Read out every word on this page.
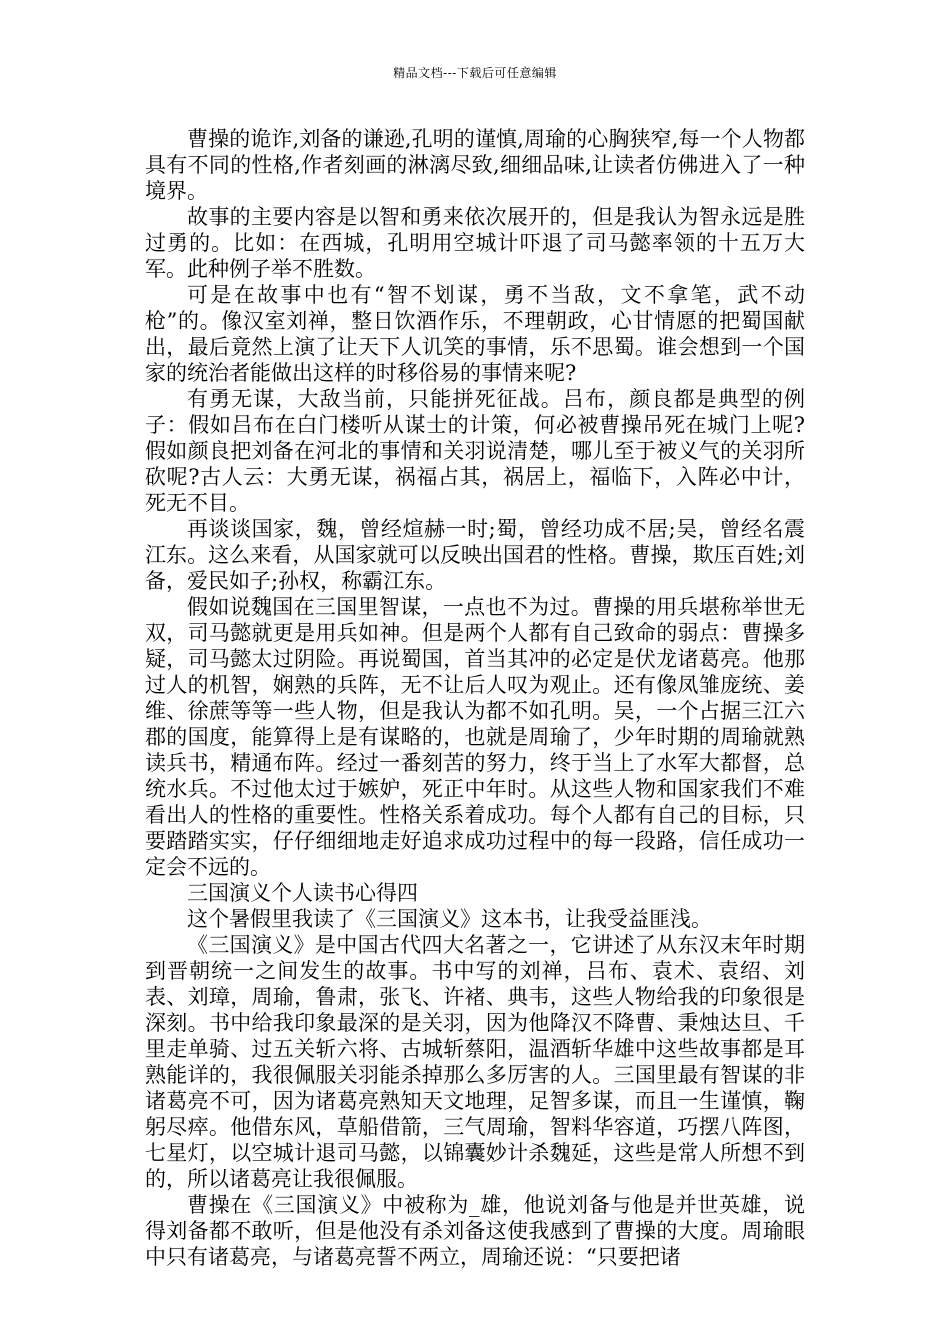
精品文档---下载后可任意编辑

曹操的诡诈,刘备的谦逊,孔明的谨慎,周瑜的心胸狭窄,每一个人物都具有不同的性格,作者刻画的淋漓尽致,细细品味,让读者仿佛进入了一种境界。

故事的主要内容是以智和勇来依次展开的，但是我认为智永远是胜过勇的。比如：在西城，孔明用空城计吓退了司马懿率领的十五万大军。此种例子举不胜数。

可是在故事中也有“智不划谋，勇不当敌，文不拿笔，武不动枪”的。像汉室刘禅，整日饮酒作乐，不理朝政，心甘情愿的把蜀国献出，最后竟然上演了让天下人讥笑的事情，乐不思蜀。谁会想到一个国家的统治者能做出这样的时移俗易的事情来呢?

有勇无谋，大敌当前，只能拼死征战。吕布，颜良都是典型的例子：假如吕布在白门楼听从谋士的计策，何必被曹操吊死在城门上呢?假如颜良把刘备在河北的事情和关羽说清楚，哪儿至于被义气的关羽所砍呢?古人云：大勇无谋，祸福占其，祸居上，福临下，入阵必中计，死无不目。

再谈谈国家，魏，曾经煊赫一时;蜀，曾经功成不居;吴，曾经名震江东。这么来看，从国家就可以反映出国君的性格。曹操，欺压百姓;刘备，爱民如子;孙权，称霸江东。

假如说魏国在三国里智谋，一点也不为过。曹操的用兵堪称举世无双，司马懿就更是用兵如神。但是两个人都有自己致命的弱点：曹操多疑，司马懿太过阴险。再说蜀国，首当其冲的必定是伏龙诸葛亮。他那过人的机智，娴熟的兵阵，无不让后人叹为观止。还有像凤雏庞统、姜维、徐蔗等等一些人物，但是我认为都不如孔明。吴，一个占据三江六郡的国度，能算得上是有谋略的，也就是周瑜了，少年时期的周瑜就熟读兵书，精通布阵。经过一番刻苦的努力，终于当上了水军大都督，总统水兵。不过他太过于嫉妒，死正中年时。从这些人物和国家我们不难看出人的性格的重要性。性格关系着成功。每个人都有自己的目标，只要踏踏实实，仔仔细细地走好追求成功过程中的每一段路，信任成功一定会不远的。

三国演义个人读书心得四

这个暑假里我读了《三国演义》这本书，让我受益匪浅。

《三国演义》是中国古代四大名著之一，它讲述了从东汉末年时期到晋朝统一之间发生的故事。书中写的刘禅，吕布、袁术、袁绍、刘表、刘璋，周瑜，鲁肃，张飞、许褚、典韦，这些人物给我的印象很是深刻。书中给我印象最深的是关羽，因为他降汉不降曹、秉烛达旦、千里走单骑、过五关斩六将、古城斩蔡阳，温酒斩华雄中这些故事都是耳熟能详的，我很佩服关羽能杀掉那么多厉害的人。三国里最有智谋的非诸葛亮不可，因为诸葛亮熟知天文地理，足智多谋，而且一生谨慎，鞠躬尽瘁。他借东风，草船借箭，三气周瑜，智料华容道，巧摆八阵图，七星灯，以空城计退司马懿，以锦囊妙计杀魏延，这些是常人所想不到的，所以诸葛亮让我很佩服。

曹操在《三国演义》中被称为_雄，他说刘备与他是并世英雄，说得刘备都不敢听，但是他没有杀刘备这使我感到了曹操的大度。周瑜眼中只有诸葛亮，与诸葛亮誓不两立，周瑜还说：“只要把诸
